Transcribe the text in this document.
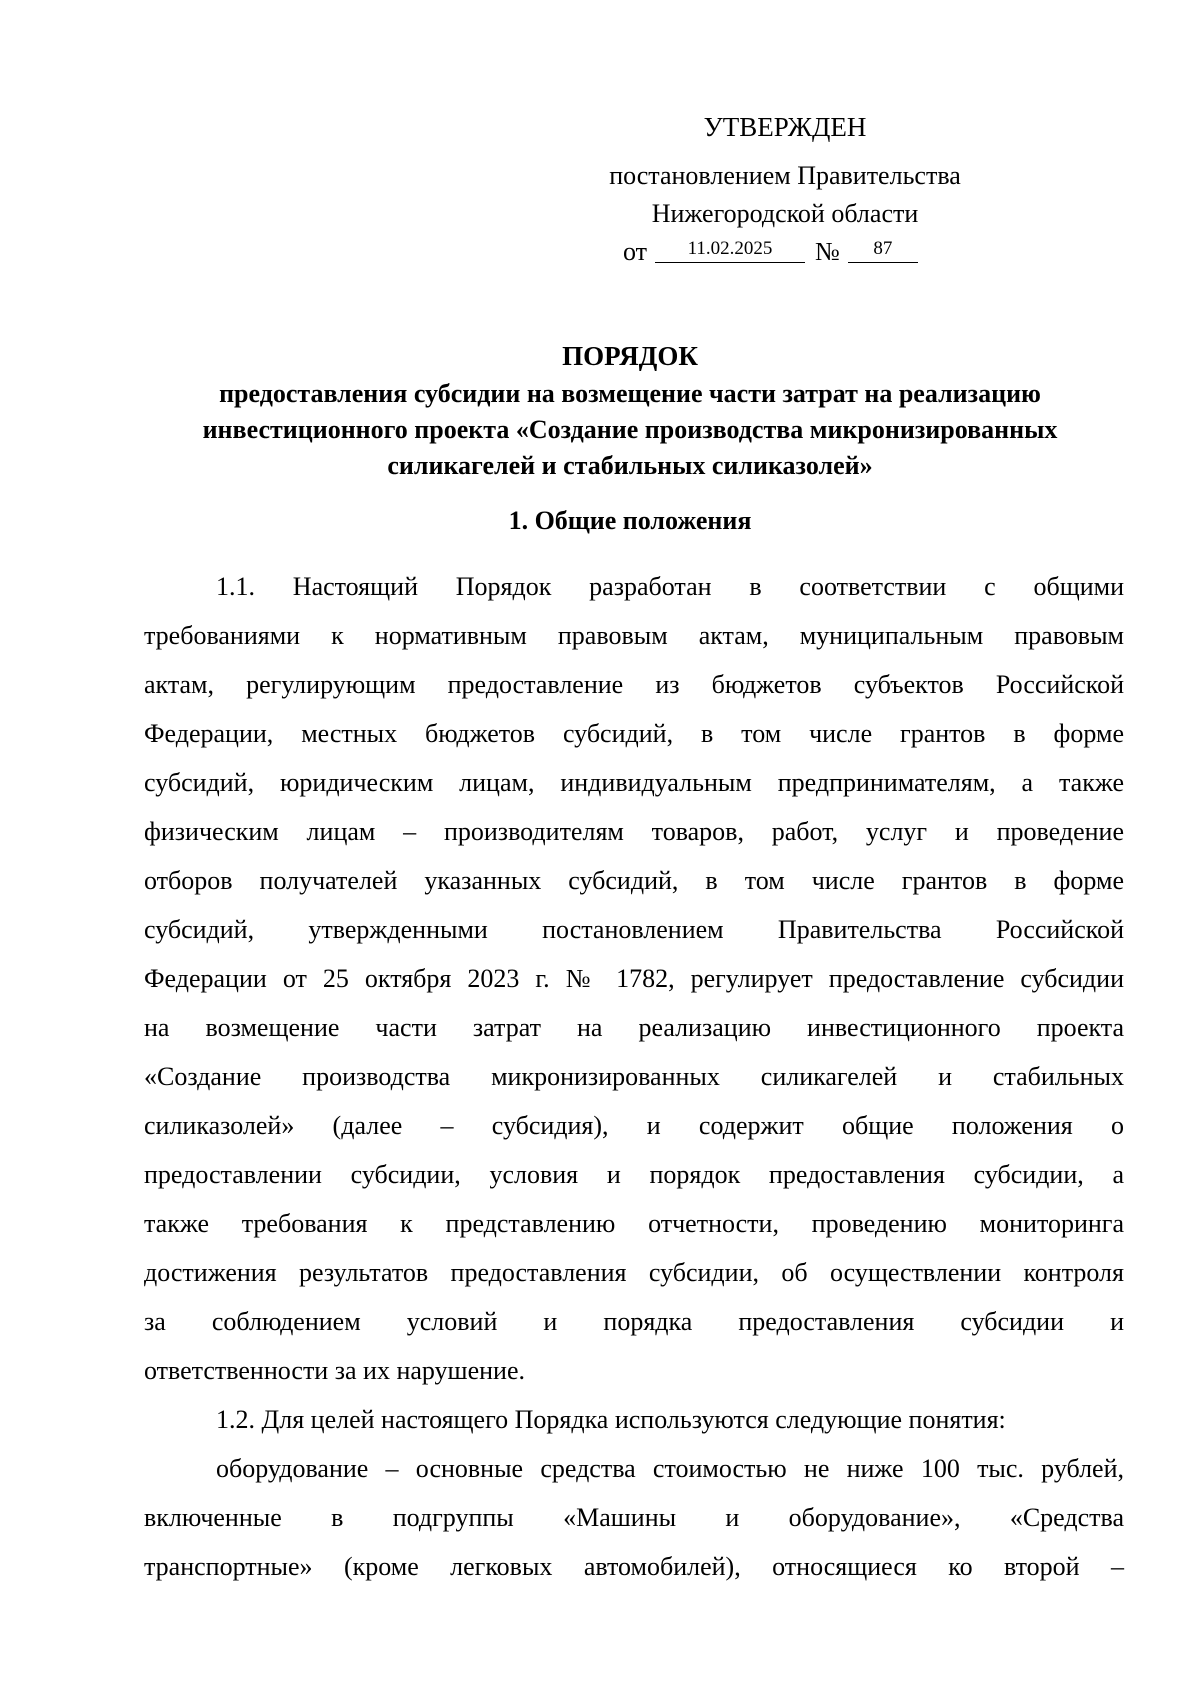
УТВЕРЖДЕН
постановлением Правительства
Нижегородской области
от 11.02.2025 № 87
ПОРЯДОК
предоставления субсидии на возмещение части затрат на реализацию
инвестиционного проекта «Создание производства микронизированных
силикагелей и стабильных силиказолей»
1. Общие положения

1.1. Настоящий Порядок разработан в соответствии с общими

требованиями к нормативным правовым актам, муниципальным правовым

актам, регулирующим предоставление из бюджетов субъектов Российской

Федерации, местных бюджетов субсидий, в том числе грантов в форме

субсидий, юридическим лицам, индивидуальным предпринимателям, а также

физическим лицам – производителям товаров, работ, услуг и проведение

отборов получателей указанных субсидий, в том числе грантов в форме

субсидий, утвержденными постановлением Правительства Российской

Федерации от 25 октября 2023 г. № 1782, регулирует предоставление субсидии

на возмещение части затрат на реализацию инвестиционного проекта

«Создание производства микронизированных силикагелей и стабильных

силиказолей» (далее – субсидия), и содержит общие положения о

предоставлении субсидии, условия и порядок предоставления субсидии, а

также требования к представлению отчетности, проведению мониторинга

достижения результатов предоставления субсидии, об осуществлении контроля

за соблюдением условий и порядка предоставления субсидии и

ответственности за их нарушение.

1.2. Для целей настоящего Порядка используются следующие понятия:

оборудование – основные средства стоимостью не ниже 100 тыс. рублей,

включенные в подгруппы «Машины и оборудование», «Средства

транспортные» (кроме легковых автомобилей), относящиеся ко второй –
